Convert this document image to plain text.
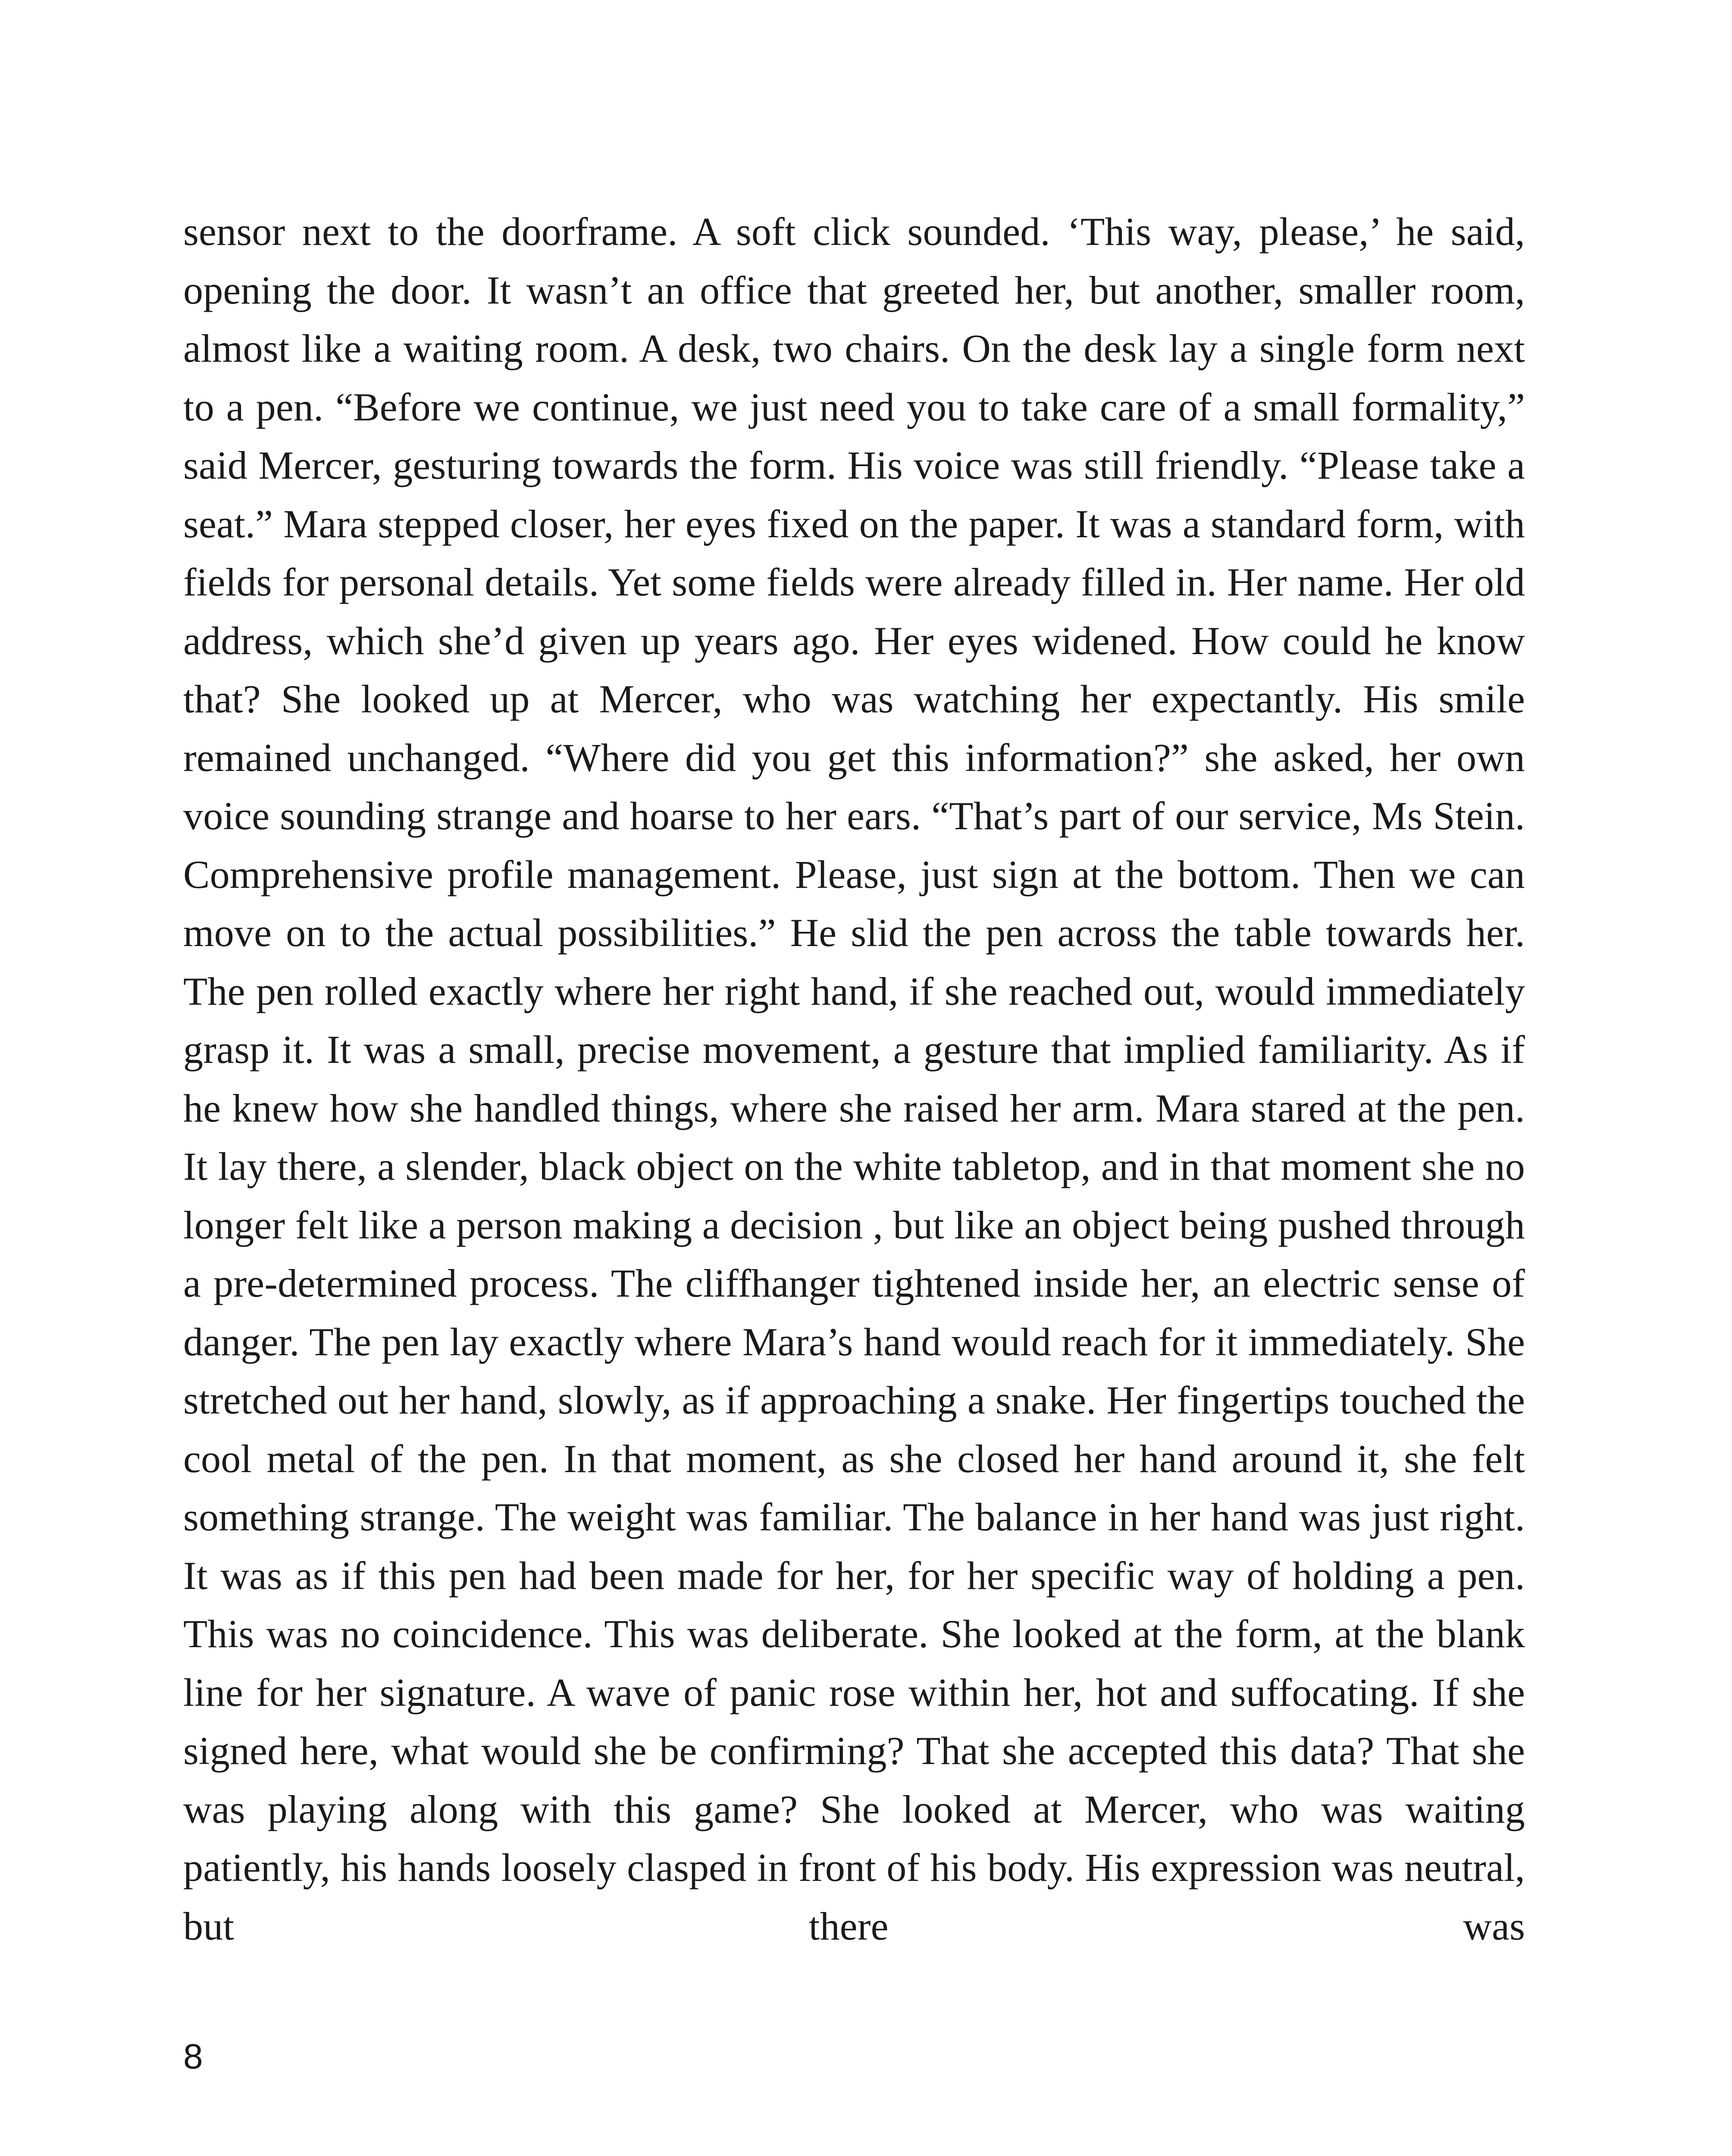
sensor next to the doorframe. A soft click sounded. ‘This way, please,’ he said, opening the door. It wasn’t an office that greeted her, but another, smaller room, almost like a waiting room. A desk, two chairs. On the desk lay a single form next to a pen. “Before we continue, we just need you to take care of a small formality,” said Mercer, gesturing towards the form. His voice was still friendly. “Please take a seat.” Mara stepped closer, her eyes fixed on the paper. It was a standard form, with fields for personal details. Yet some fields were already filled in. Her name. Her old address, which she’d given up years ago. Her eyes widened. How could he know that? She looked up at Mercer, who was watching her expectantly. His smile remained unchanged. “Where did you get this information?” she asked, her own voice sounding strange and hoarse to her ears. “That’s part of our service, Ms Stein. Comprehensive profile management. Please, just sign at the bottom. Then we can move on to the actual possibilities.” He slid the pen across the table towards her. The pen rolled exactly where her right hand, if she reached out, would immediately grasp it. It was a small, precise movement, a gesture that implied familiarity. As if he knew how she handled things, where she raised her arm. Mara stared at the pen. It lay there, a slender, black object on the white tabletop, and in that moment she no longer felt like a person making a decision , but like an object being pushed through a pre-determined process. The cliffhanger tightened inside her, an electric sense of danger. The pen lay exactly where Mara’s hand would reach for it immediately. She stretched out her hand, slowly, as if approaching a snake. Her fingertips touched the cool metal of the pen. In that moment, as she closed her hand around it, she felt something strange. The weight was familiar. The balance in her hand was just right. It was as if this pen had been made for her, for her specific way of holding a pen. This was no coincidence. This was deliberate. She looked at the form, at the blank line for her signature. A wave of panic rose within her, hot and suffocating. If she signed here, what would she be confirming? That she accepted this data? That she was playing along with this game? She looked at Mercer, who was waiting patiently, his hands loosely clasped in front of his body. His expression was neutral, but there was

8
